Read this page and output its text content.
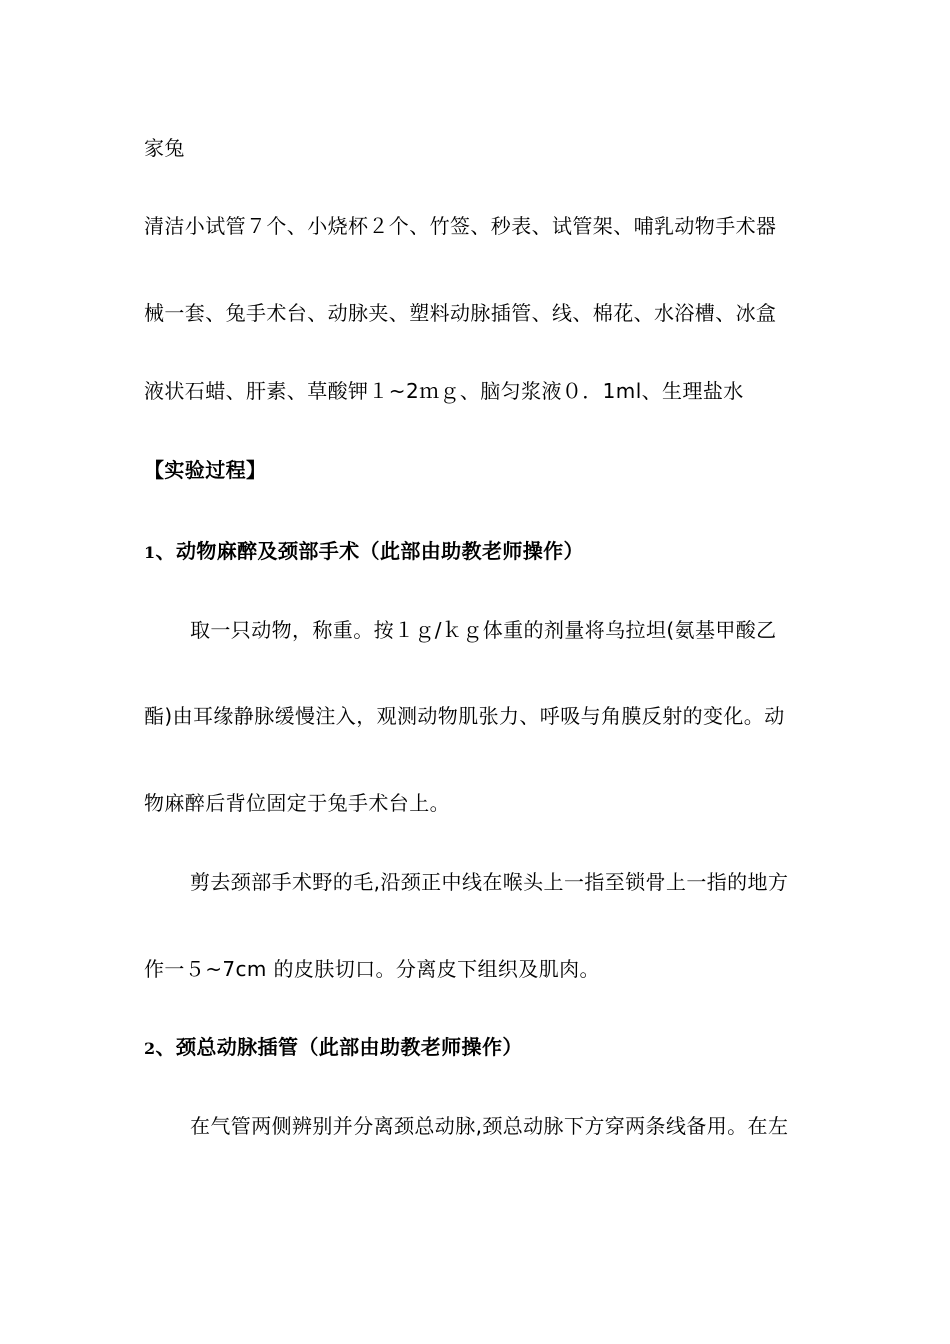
家兔
清洁小试管７个、小烧杯２个、竹签、秒表、试管架、哺乳动物手术器
械一套、兔手术台、动脉夹、塑料动脉插管、线、棉花、水浴槽、冰盒
液状石蜡、肝素、草酸钾１~2ｍｇ、脑匀浆液０．1ml、生理盐水
【实验过程】
1、动物麻醉及颈部手术（此部由助教老师操作）
取一只动物，称重。按１ｇ/ｋｇ体重的剂量将乌拉坦(氨基甲酸乙
酯)由耳缘静脉缓慢注入，观测动物肌张力、呼吸与角膜反射的变化。动
物麻醉后背位固定于兔手术台上。
剪去颈部手术野的毛,沿颈正中线在喉头上一指至锁骨上一指的地方
作一５~7cm 的皮肤切口。分离皮下组织及肌肉。
2、颈总动脉插管（此部由助教老师操作）
在气管两侧辨别并分离颈总动脉,颈总动脉下方穿两条线备用。在左
